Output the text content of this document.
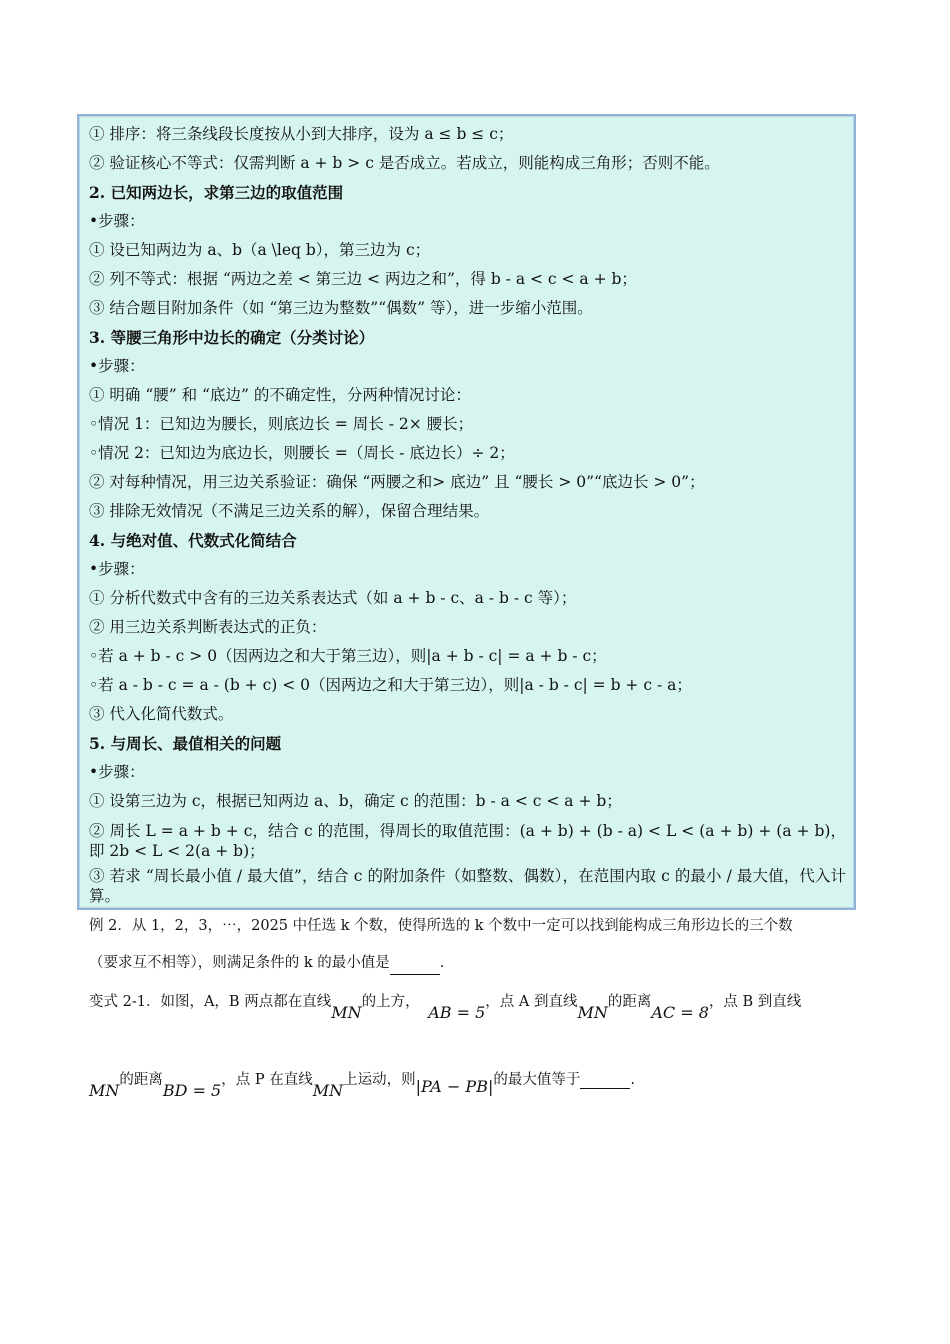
① 排序：将三条线段长度按从小到大排序，设为 a ≤ b ≤ c；
② 验证核心不等式：仅需判断 a + b > c 是否成立。若成立，则能构成三角形；否则不能。
2. 已知两边长，求第三边的取值范围
•步骤：
① 设已知两边为 a、b（a \leq b），第三边为 c；
② 列不等式：根据 “两边之差 < 第三边 < 两边之和”，得 b - a < c < a + b；
③ 结合题目附加条件（如 “第三边为整数”“偶数” 等），进一步缩小范围。
3. 等腰三角形中边长的确定（分类讨论）
•步骤：
① 明确 “腰” 和 “底边” 的不确定性，分两种情况讨论：
◦情况 1：已知边为腰长，则底边长 = 周长 - 2× 腰长；
◦情况 2：已知边为底边长，则腰长 =（周长 - 底边长）÷ 2；
② 对每种情况，用三边关系验证：确保 “两腰之和> 底边” 且 “腰长 > 0”“底边长 > 0”；
③ 排除无效情况（不满足三边关系的解），保留合理结果。
4. 与绝对值、代数式化简结合
•步骤：
① 分析代数式中含有的三边关系表达式（如 a + b - c、a - b - c 等）；
② 用三边关系判断表达式的正负：
◦若 a + b - c > 0（因两边之和大于第三边），则|a + b - c| = a + b - c；
◦若 a - b - c = a - (b + c) < 0（因两边之和大于第三边），则|a - b - c| = b + c - a；
③ 代入化简代数式。
5. 与周长、最值相关的问题
•步骤：
① 设第三边为 c，根据已知两边 a、b，确定 c 的范围：b - a < c < a + b；
② 周长 L = a + b + c，结合 c 的范围，得周长的取值范围：(a + b) + (b - a) < L < (a + b) + (a + b)，即 2b < L < 2(a + b)；
③ 若求 “周长最小值 / 最大值”，结合 c 的附加条件（如整数、偶数），在范围内取 c 的最小 / 最大值，代入计算。
例 2．从 1，2，3，⋯，2025 中任选 k 个数，使得所选的 k 个数中一定可以找到能构成三角形边长的三个数
（要求互不相等），则满足条件的 k 的最小值是	.
变式 2-1．如图，A，B 两点都在直线MN的上方， AB = 5，点 A 到直线MN的距离AC = 8，点 B 到直线
MN的距离BD = 5，点 P 在直线MN上运动，则|PA − PB|的最大值等于	.
